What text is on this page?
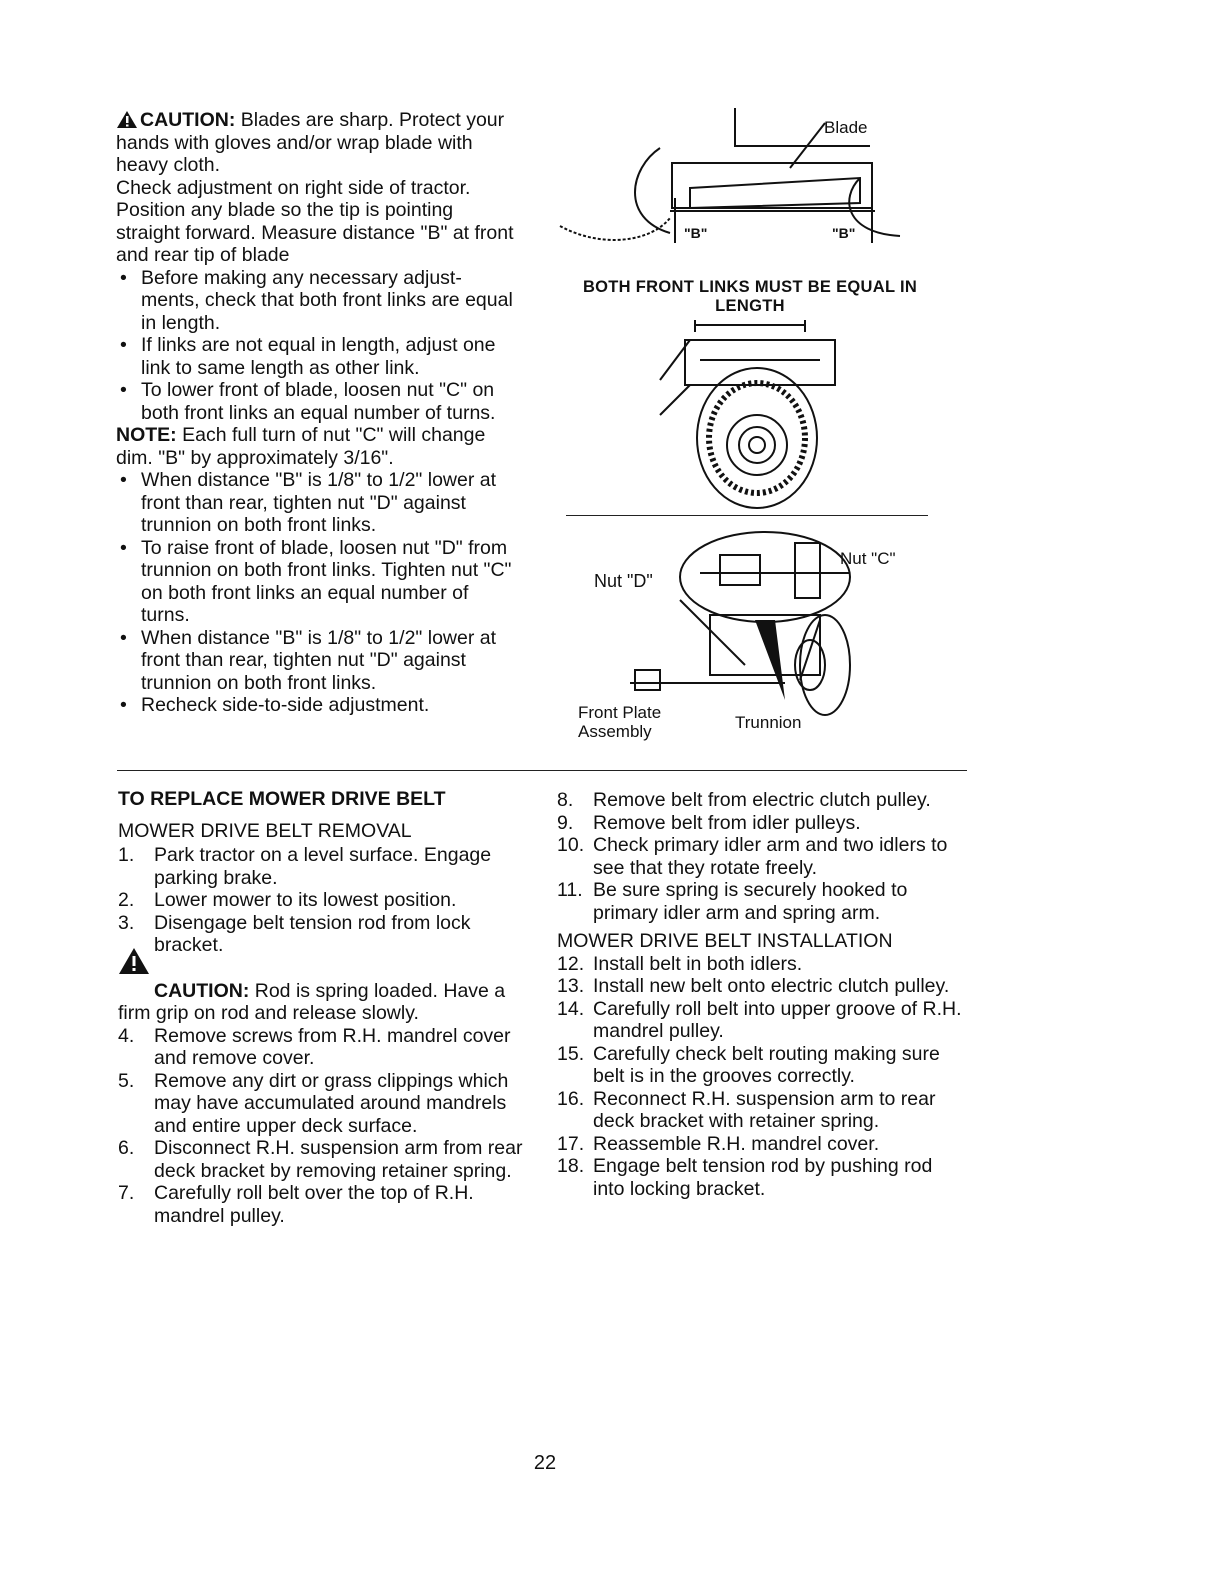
CAUTION: Blades are sharp. Protect your hands with gloves and/or wrap blade with heavy cloth.

Check adjustment on right side of tractor. Position any blade so the tip is pointing straight forward. Measure distance "B" at front and rear tip of blade

• Before making any necessary adjust-ments, check that both front links are equal in length.

• If links are not equal in length, adjust one link to same length as other link.

• To lower front of blade, loosen nut "C" on both front links an equal number of turns.

NOTE: Each full turn of nut "C" will change dim. "B" by approximately 3/16".

• When distance "B" is 1/8" to 1/2" lower at front than rear, tighten nut "D" against trunnion on both front links.

• To raise front of blade, loosen nut "D" from trunnion on both front links. Tighten nut "C" on both front links an equal number of turns.

• When distance "B" is 1/8" to 1/2" lower at front than rear, tighten nut "D" against trunnion on both front links.

• Recheck side-to-side adjustment.

Blade
"B"	"B"
BOTH FRONT LINKS MUST BE EQUAL IN LENGTH
Nut "D"
Nut "C"
Front Plate Assembly	Trunnion

TO REPLACE MOWER DRIVE BELT

MOWER DRIVE BELT REMOVAL

1. Park tractor on a level surface. Engage parking brake.

2. Lower mower to its lowest position.

3. Disengage belt tension rod from lock bracket.

CAUTION: Rod is spring loaded. Have a firm grip on rod and release slowly.

4. Remove screws from R.H. mandrel cover and remove cover.

5. Remove any dirt or grass clippings which may have accumulated around mandrels and entire upper deck surface.

6. Disconnect R.H. suspension arm from rear deck bracket by removing retainer spring.

7. Carefully roll belt over the top of R.H. mandrel pulley.

8. Remove belt from electric clutch pulley.

9. Remove belt from idler pulleys.

10. Check primary idler arm and two idlers to see that they rotate freely.

11. Be sure spring is securely hooked to primary idler arm and spring arm.

MOWER DRIVE BELT INSTALLATION

12. Install belt in both idlers.

13. Install new belt onto electric clutch pulley.

14. Carefully roll belt into upper groove of R.H. mandrel pulley.

15. Carefully check belt routing making sure belt is in the grooves correctly.

16. Reconnect R.H. suspension arm to rear deck bracket with retainer spring.

17. Reassemble R.H. mandrel cover.

18. Engage belt tension rod by pushing rod into locking bracket.

22
